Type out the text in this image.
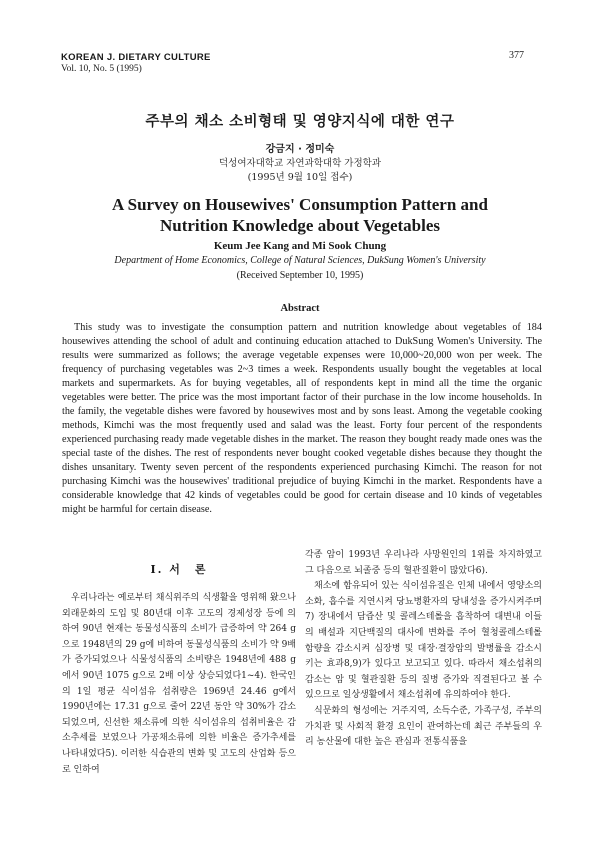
KOREAN J. DIETARY CULTURE
Vol. 10, No. 5 (1995)
377
주부의 채소 소비형태 및 영양지식에 대한 연구
강금지 · 정미숙
덕성여자대학교 자연과학대학 가정학과
(1995년 9월 10일 접수)
A Survey on Housewives' Consumption Pattern and
Nutrition Knowledge about Vegetables
Keum Jee Kang and Mi Sook Chung
Department of Home Economics, College of Natural Sciences, DukSung Women's University
(Received September 10, 1995)
Abstract
This study was to investigate the consumption pattern and nutrition knowledge about vegetables of 184 housewives attending the school of adult and continuing education attached to DukSung Women's University. The results were summarized as follows; the average vegetable expenses were 10,000~20,000 won per week. The frequency of purchasing vegetables was 2~3 times a week. Respondents usually bought the vegetables at local markets and supermarkets. As for buying vegetables, all of respondents kept in mind all the time the organic vegetables were better. The price was the most important factor of their purchase in the low income households. In the family, the vegetable dishes were favored by housewives most and by sons least. Among the vegetable cooking methods, Kimchi was the most frequently used and salad was the least. Forty four percent of the respondents experienced purchasing ready made vegetable dishes in the market. The reason they bought ready made ones was the special taste of the dishes. The rest of respondents never bought cooked vegetable dishes because they thought the dishes unsanitary. Twenty seven percent of the respondents experienced purchasing Kimchi. The reason for not purchasing Kimchi was the housewives' traditional prejudice of buying Kimchi in the market. Respondents have a considerable knowledge that 42 kinds of vegetables could be good for certain disease and 10 kinds of vegetables might be harmful for certain disease.
I. 서　론

우리나라는 예로부터 채식위주의 식생활을 영위해 왔으나 외래문화의 도입 및 80년대 이후 고도의 경제성장 등에 의하여 90년 현재는 동물성식품의 소비가 급증하여 약 264 g으로 1948년의 29 g에 비하여 동물성식품의 소비가 약 9배가 증가되었으나 식물성식품의 소비량은 1948년에 488 g에서 90년 1075 g으로 2배 이상 상승되었다1~4). 한국인의 1일 평균 식이섬유 섭취량은 1969년 24.46 g에서 1990년에는 17.31 g으로 줄어 22년 동안 약 30%가 감소되었으며, 신선한 채소류에 의한 식이섬유의 섭취비율은 감소추세를 보였으나 가공채소류에 의한 비율은 증가추세를 나타내었다5). 이러한 식습관의 변화 및 고도의 산업화 등으로 인하여

각종 암이 1993년 우리나라 사망원인의 1위를 차지하였고 그 다음으로 뇌졸중 등의 혈관질환이 많았다6).

채소에 함유되어 있는 식이섬유질은 인체 내에서 영양소의 소화, 흡수를 지연시켜 당뇨병환자의 당내성을 증가시켜주며7) 장내에서 담즙산 및 콜레스테롤을 흡착하여 대변내 이들의 배설과 지단백질의 대사에 변화를 주어 혈청콜레스테롤 함량을 감소시켜 심장병 및 대장·결장암의 발병률을 감소시키는 효과8,9)가 있다고 보고되고 있다. 따라서 채소섭취의 감소는 암 및 혈관질환 등의 질병 증가와 직결된다고 볼 수 있으므로 일상생활에서 채소섭취에 유의하여야 한다.

식문화의 형성에는 거주지역, 소득수준, 가족구성, 주부의 가치관 및 사회적 환경 요인이 관여하는데 최근 주부들의 우리 농산물에 대한 높은 관심과 전통식품을
